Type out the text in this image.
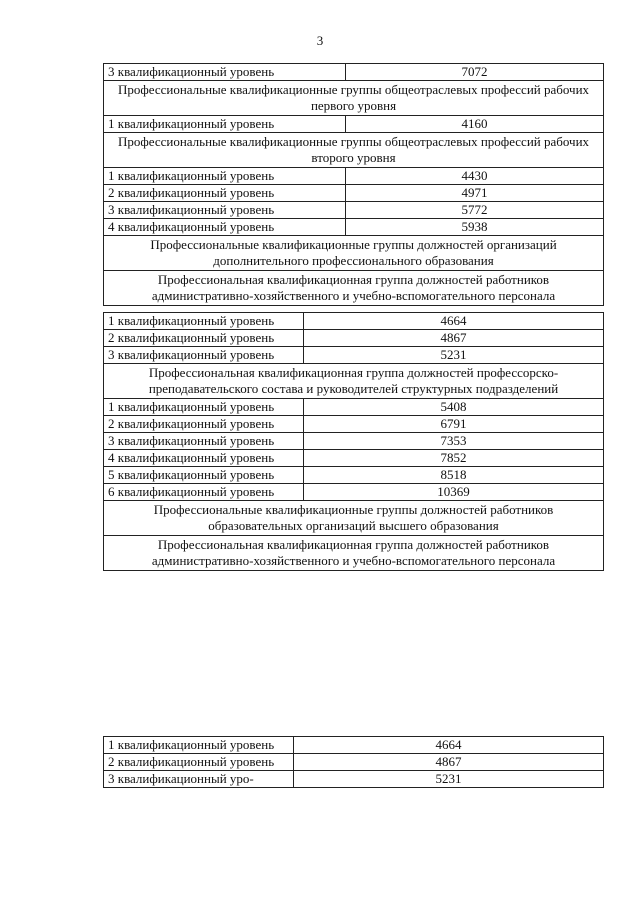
3
3 квалификационный уровень	7072
Профессиональные квалификационные группы общеотраслевых профессий рабочих первого уровня	
1 квалификационный уровень	4160
Профессиональные квалификационные группы общеотраслевых профессий рабочих второго уровня	
1 квалификационный уровень	4430
2 квалификационный уровень	4971
3 квалификационный уровень	5772
4 квалификационный уровень	5938
Профессиональные квалификационные группы должностей организаций дополнительного профессионального образования	
Профессиональная квалификационная группа должностей работников административно-хозяйственного и учебно-вспомогательного персонала	
1 квалификационный уровень	4664
2 квалификационный уровень	4867
3 квалификационный уровень	5231
Профессиональная квалификационная группа должностей профессорско-преподавательского состава и руководителей структурных подразделений	
1 квалификационный уровень	5408
2 квалификационный уровень	6791
3 квалификационный уровень	7353
4 квалификационный уровень	7852
5 квалификационный уровень	8518
6 квалификационный уровень	10369
Профессиональные квалификационные группы должностей работников образовательных организаций высшего образования	
Профессиональная квалификационная группа должностей работников административно-хозяйственного и учебно-вспомогательного персонала	
1 квалификационный уровень	4664
2 квалификационный уровень	4867
3 квалификационный уро-	5231
